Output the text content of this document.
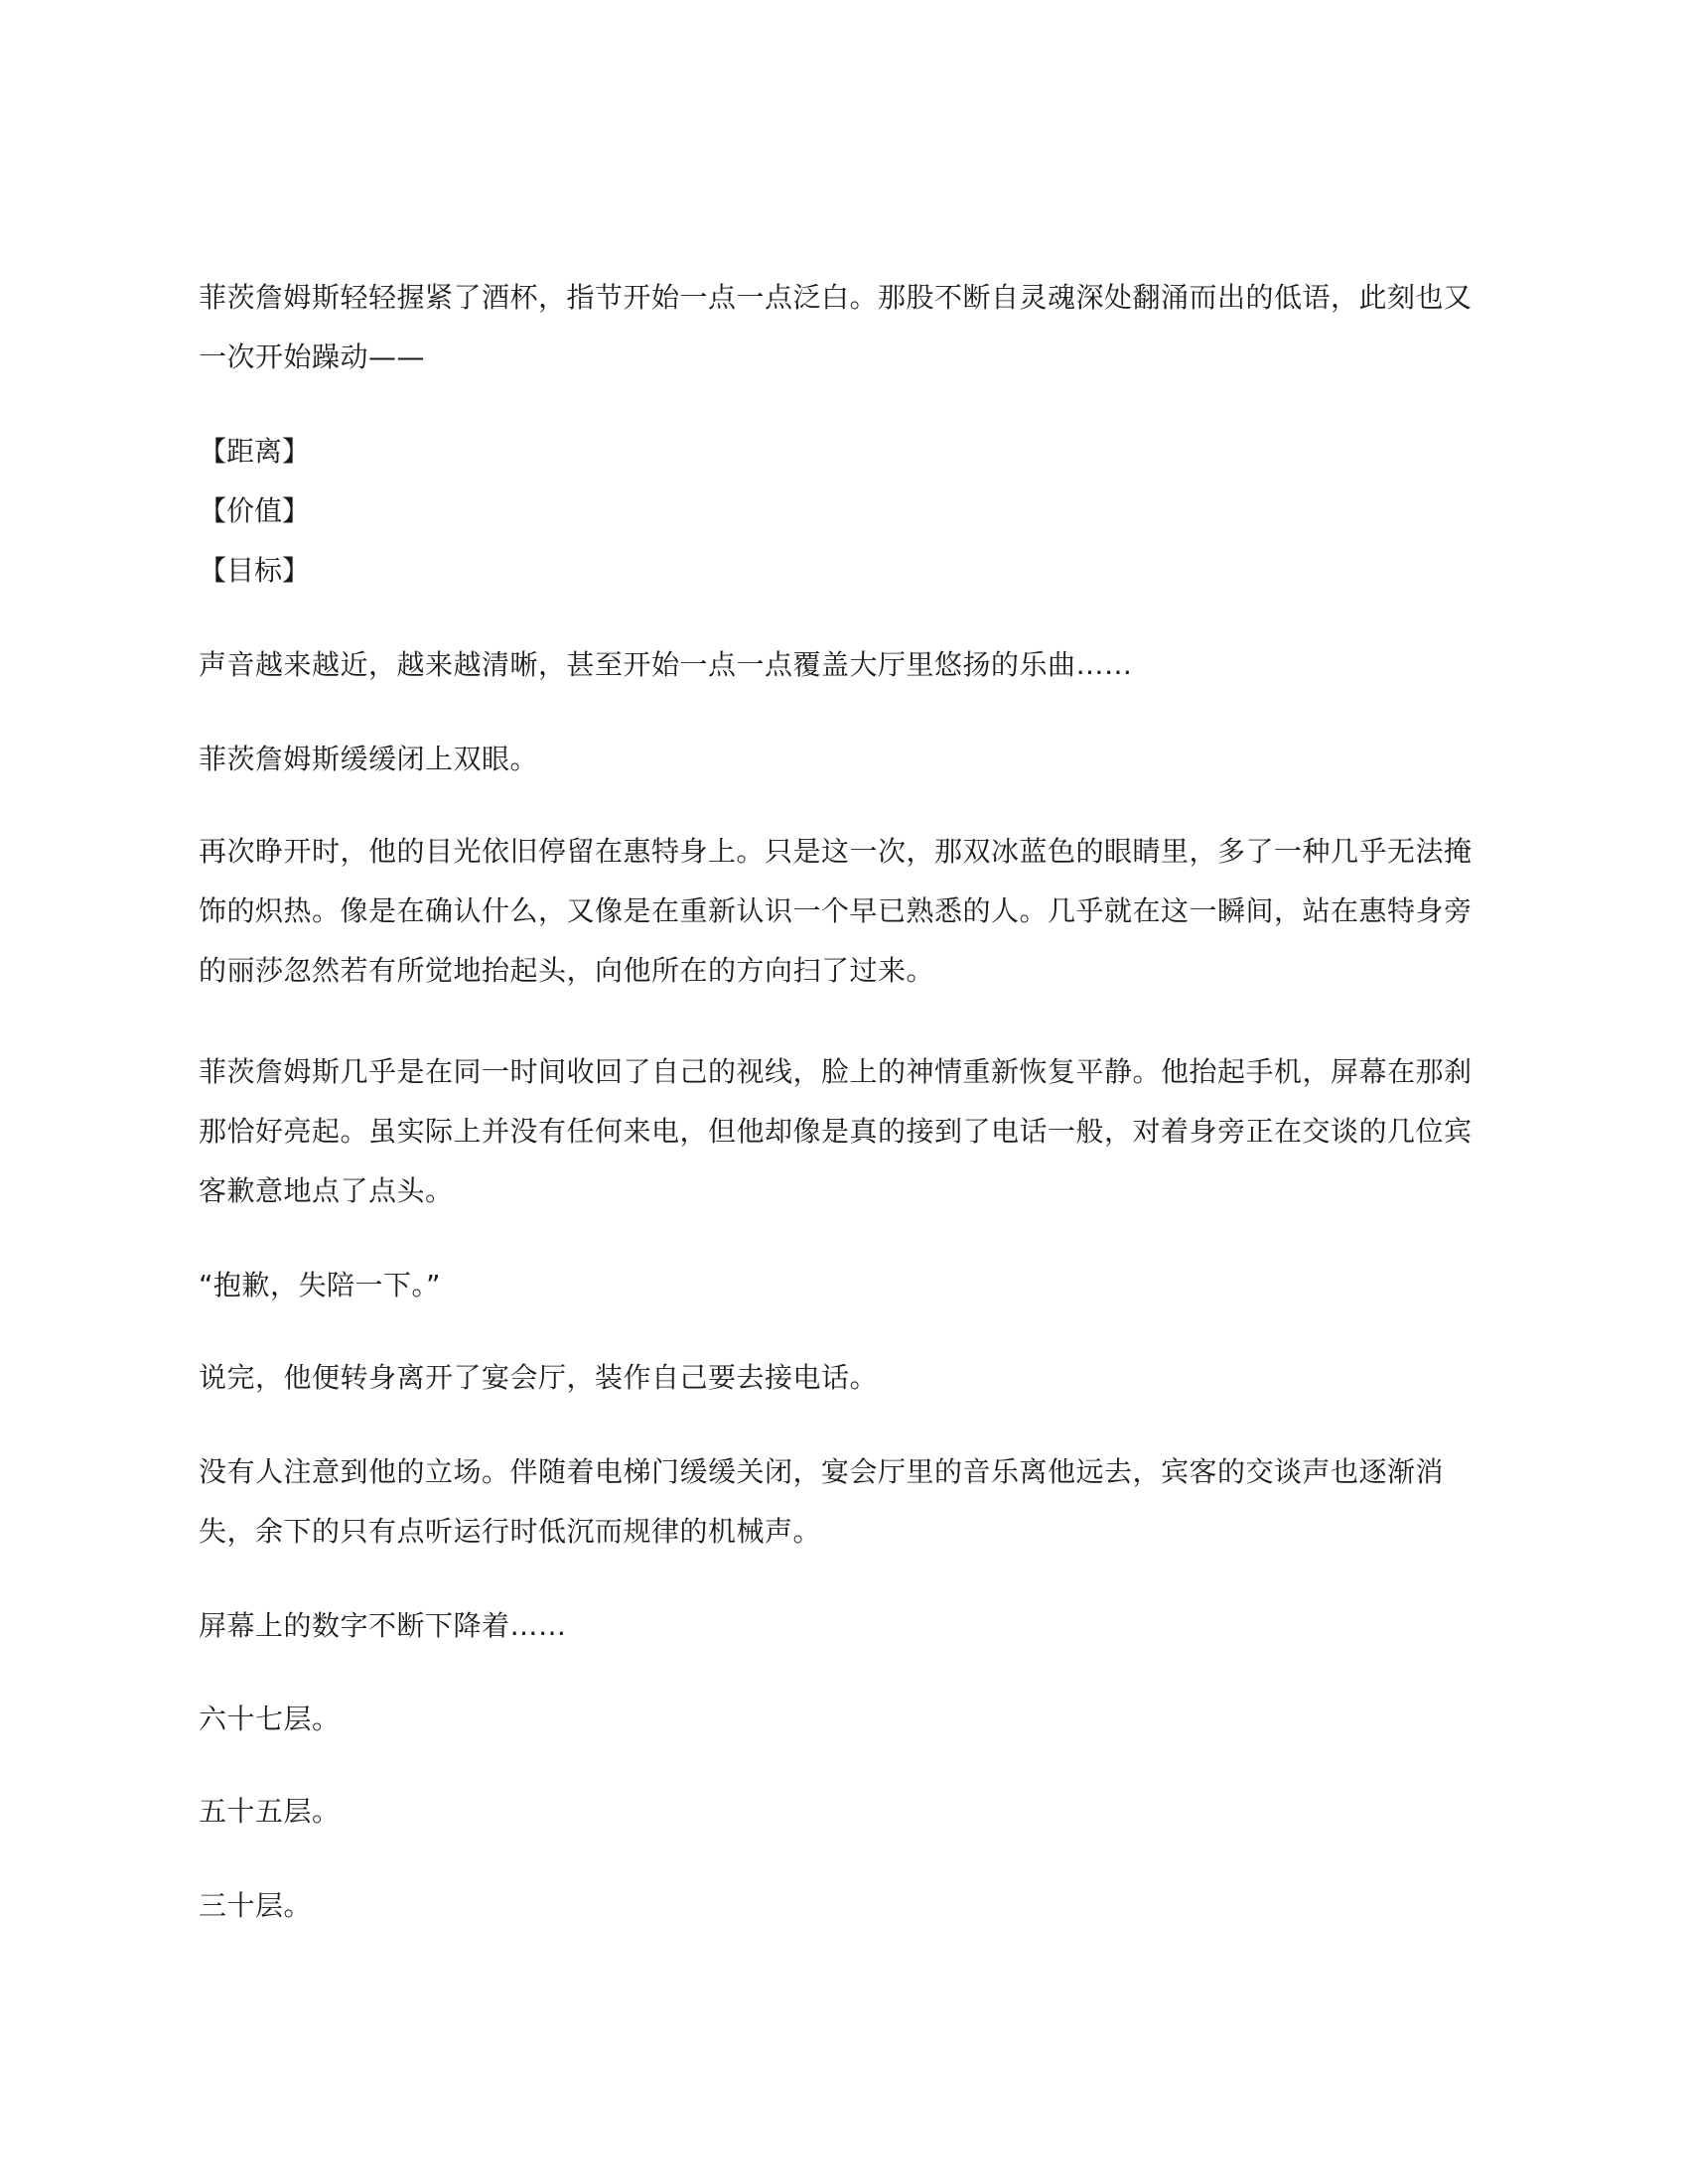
菲茨詹姆斯轻轻握紧了酒杯，指节开始一点一点泛白。那股不断自灵魂深处翻涌而出的低语，此刻也又一次开始躁动——

【距离】

【价值】

【目标】

声音越来越近，越来越清晰，甚至开始一点一点覆盖大厅里悠扬的乐曲……

菲茨詹姆斯缓缓闭上双眼。

再次睁开时，他的目光依旧停留在惠特身上。只是这一次，那双冰蓝色的眼睛里，多了一种几乎无法掩饰的炽热。像是在确认什么，又像是在重新认识一个早已熟悉的人。几乎就在这一瞬间，站在惠特身旁的丽莎忽然若有所觉地抬起头，向他所在的方向扫了过来。

菲茨詹姆斯几乎是在同一时间收回了自己的视线，脸上的神情重新恢复平静。他抬起手机，屏幕在那刹那恰好亮起。虽实际上并没有任何来电，但他却像是真的接到了电话一般，对着身旁正在交谈的几位宾客歉意地点了点头。

“抱歉，失陪一下。”

说完，他便转身离开了宴会厅，装作自己要去接电话。

没有人注意到他的立场。伴随着电梯门缓缓关闭，宴会厅里的音乐离他远去，宾客的交谈声也逐渐消失，余下的只有点听运行时低沉而规律的机械声。

屏幕上的数字不断下降着……

六十七层。

五十五层。

三十层。
